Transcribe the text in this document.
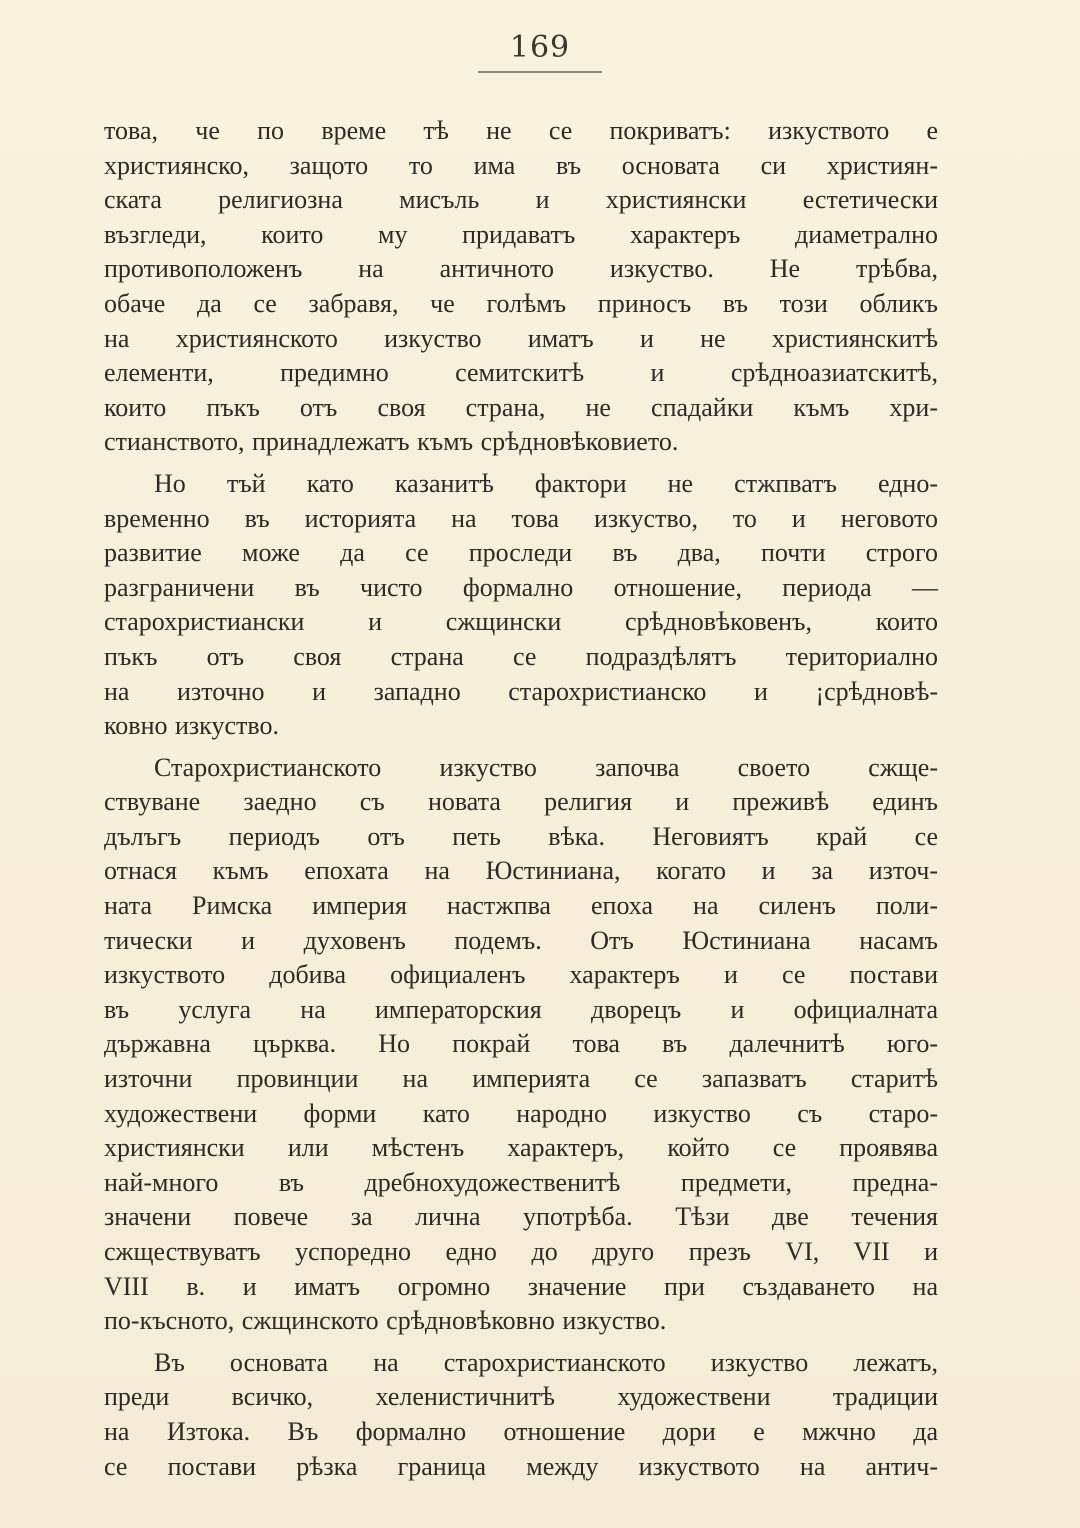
169

това, че по време тѣ не се покриватъ: изкуството е
християнско, защото то има въ основата си християн-
ската религиозна мисъль и християнски естетически
възгледи, които му придаватъ характеръ диаметрално
противоположенъ на античното изкуство. Не трѣбва,
обаче да се забравя, че голѣмъ приносъ въ този обликъ
на християнското изкуство иматъ и не християнскитѣ
елементи, предимно семитскитѣ и срѣдноазиатскитѣ,
които пъкъ отъ своя страна, не спадайки къмъ хри-
стианството, принадлежатъ къмъ срѣдновѣковието.

Но тъй като казанитѣ фактори не стжпватъ едно-
временно въ историята на това изкуство, то и неговото
развитие може да се проследи въ два, почти строго
разграничени въ чисто формално отношение, периода —
старохристиански и сжщински срѣдновѣковенъ, които
пъкъ отъ своя страна се подраздѣлятъ териториално
на източно и западно старохристианско и ¡срѣдновѣ-
ковно изкуство.

Старохристианското изкуство започва своето сжще-
ствуване заедно съ новата религия и преживѣ единъ
дълъгъ периодъ отъ петь вѣка. Неговиятъ край се
отнася къмъ епохата на Юстиниана, когато и за източ-
ната Римска империя настжпва епоха на силенъ поли-
тически и духовенъ подемъ. Отъ Юстиниана насамъ
изкуството добива официаленъ характеръ и се постави
въ услуга на императорския дворецъ и официалната
държавна църква. Но покрай това въ далечнитѣ юго-
източни провинции на империята се запазватъ старитѣ
художествени форми като народно изкуство съ старо-
християнски или мѣстенъ характеръ, който се проявява
най-много въ дребнохудожественитѣ предмети, предна-
значени повече за лична употрѣба. Тѣзи две течения
сжществуватъ успоредно едно до друго презъ VI, VII и
VIII в. и иматъ огромно значение при създаването на
по-късното, сжщинското срѣдновѣковно изкуство.

Въ основата на старохристианското изкуство лежатъ,
преди всичко, хеленистичнитѣ художествени традиции
на Изтока. Въ формално отношение дори е мжчно да
се постави рѣзка граница между изкуството на антич-
